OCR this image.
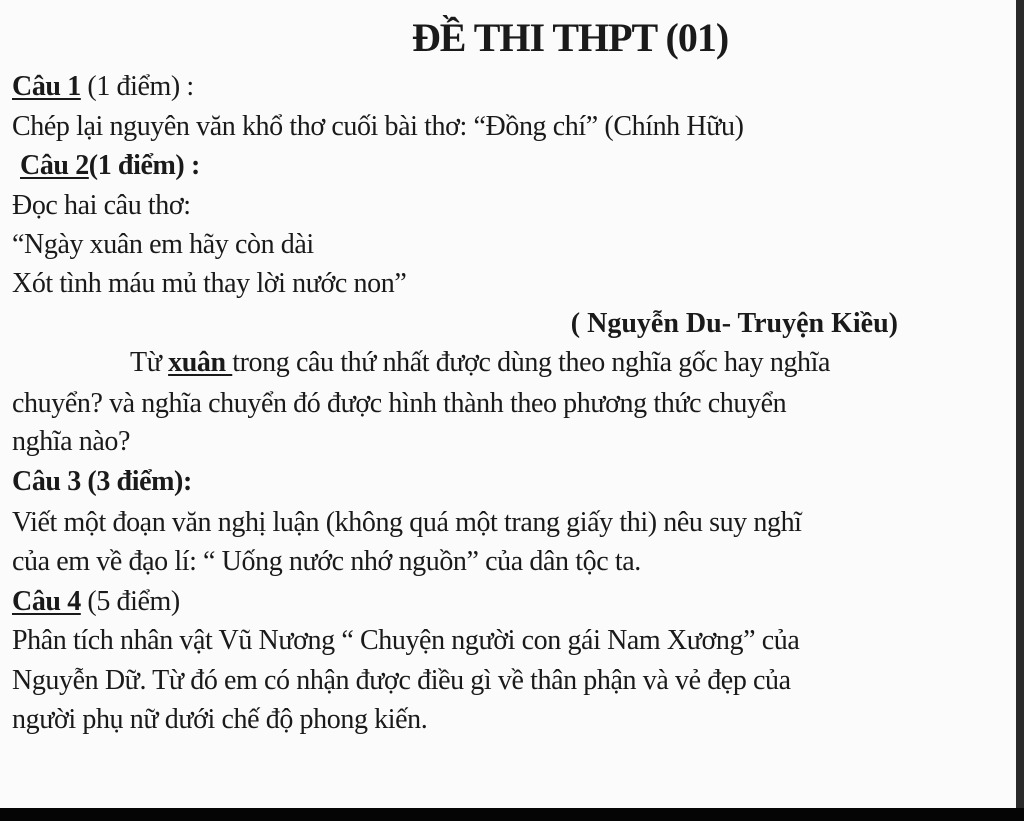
ĐỀ THI THPT (01)
Câu 1 (1 điểm) :
Chép lại nguyên văn khổ thơ cuối bài thơ: “Đồng chí” (Chính Hữu)
Câu 2(1 điểm) :
Đọc hai câu thơ:
“Ngày xuân em hãy còn dài
Xót tình máu mủ thay lời nước non”
( Nguyễn Du- Truyện Kiều)
Từ xuân trong câu thứ nhất được dùng theo nghĩa gốc hay nghĩa
chuyển? và nghĩa chuyển đó được hình thành theo phương thức chuyển
nghĩa nào?
Câu 3 (3 điểm):
Viết một đoạn văn nghị luận (không quá một trang giấy thi) nêu suy nghĩ
của em về đạo lí: “ Uống nước nhớ nguồn” của dân tộc ta.
Câu 4 (5 điểm)
Phân tích nhân vật Vũ Nương “ Chuyện người con gái Nam Xương” của
Nguyễn Dữ. Từ đó em có nhận được điều gì về thân phận và vẻ đẹp của
người phụ nữ dưới chế độ phong kiến.
